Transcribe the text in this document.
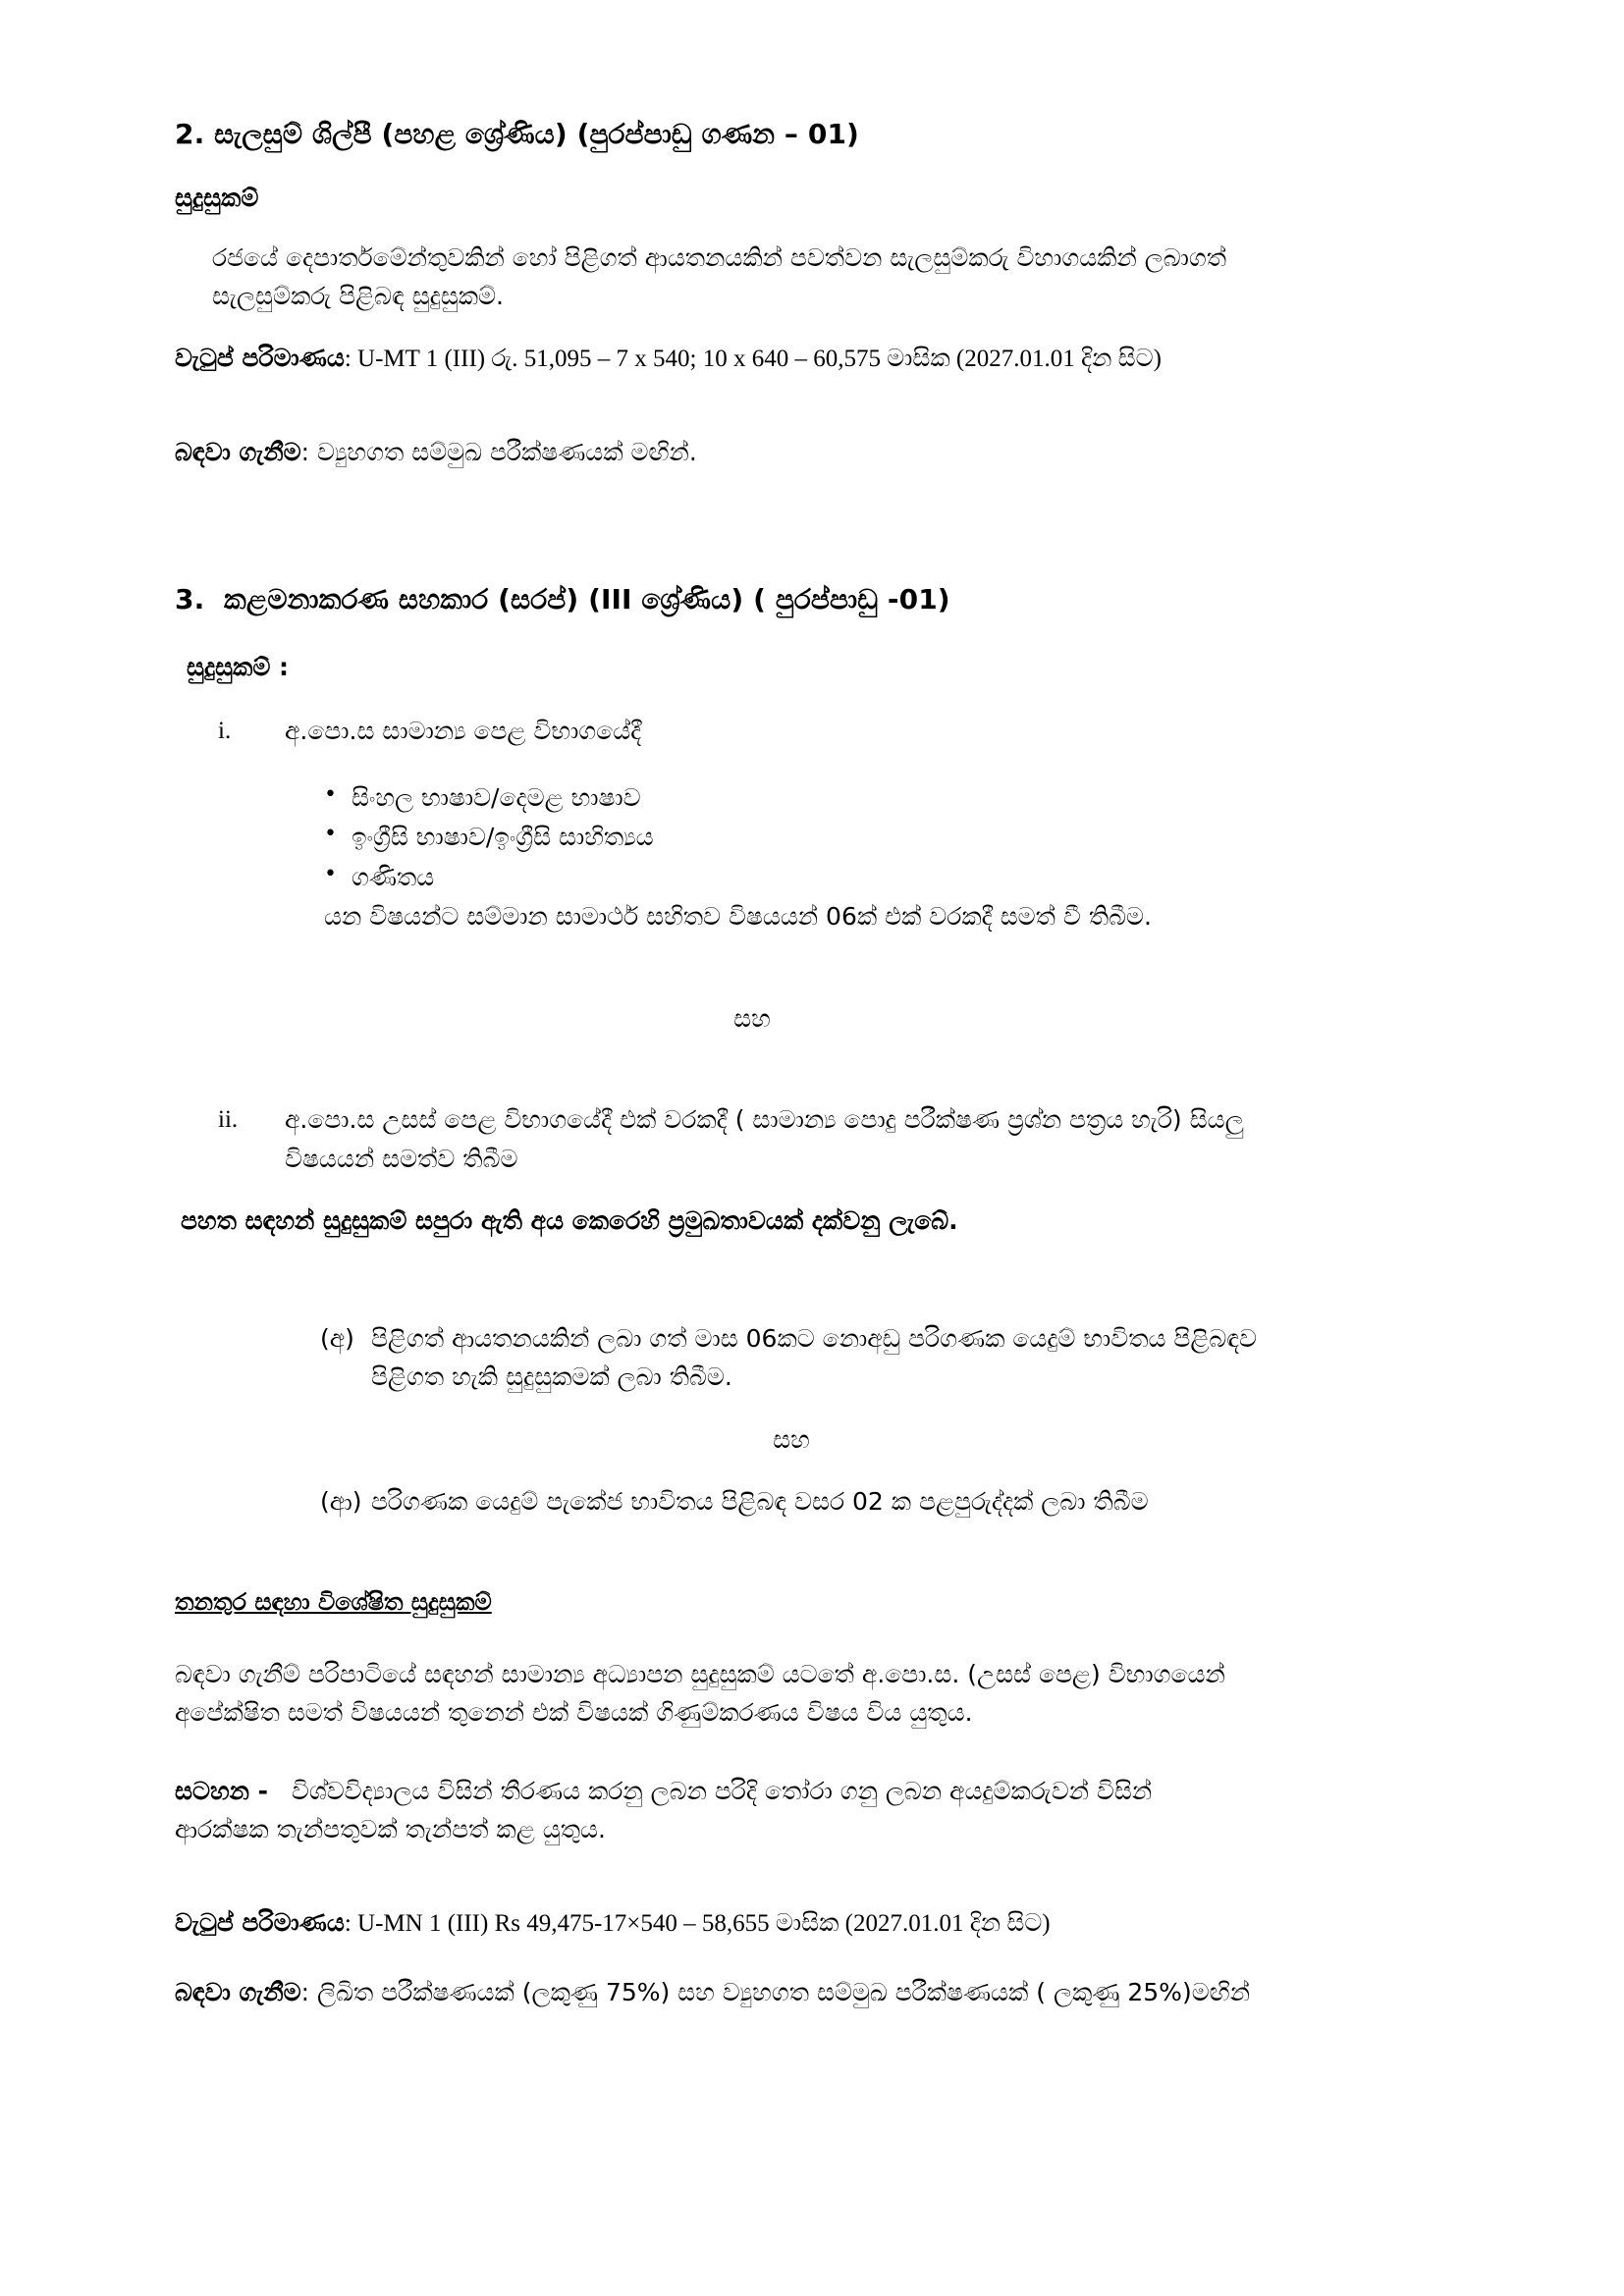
2. සැලසුම් ශිල්පී (පහළ ශ්‍රේණිය) (පුරප්පාඩු ගණන – 01)

සුදුසුකම්

රජයේ දෙපාර්තමේන්තුවකින් හෝ පිළිගත් ආයතනයකින් පවත්වන සැලසුම්කරු විහාගයකින් ලබාගත්

සැලසුම්කරු පිළිබඳ සුදුසුකම්.

වැටුප් පරිමාණය: U-MT 1 (III) රු. 51,095 – 7 x 540; 10 x 640 – 60,575 මාසික (2027.01.01 දින සිට)

බඳවා ගැනීම: ව්‍යුහගත සම්මුඛ පරීක්ෂණයක් මඟින්.

3. කළමනාකරණ සහකාර (සරප්) (III ශ්‍රේණිය) ( පුරප්පාඩු -01)

සුදුසුකම් :

i. අ.පො.ස සාමාන්‍ය පෙළ විභාගයේදී
• සිංහල භාෂාව/දෙමළ භාෂාව
• ඉංග්‍රීසි භාෂාව/ඉංග්‍රීසි සාහිත්‍යය
• ගණිතය

යන විෂයන්ට සම්මාන සාමාර්ථ සහිතව විෂයයන් 06ක් එක් වරකදී සමත් වී තිබීම.

සහ

ii. අ.පො.ස උසස් පෙළ විභාගයේදී එක් වරකදී ( සාමාන්‍ය පොදු පරීක්ෂණ ප්‍රශ්න පත්‍රය හැරි) සියලු
විෂයයන් සමත්ව තිබීම

පහත සඳහන් සුදුසුකම් සපුරා ඇති අය කෙරෙහි ප්‍රමුඛතාවයක් දක්වනු ලැබේ.

(අ) පිළිගත් ආයතනයකින් ලබා ගත් මාස 06කට නොඅඩු පරිගණක යෙදුම් භාවිතය පිළිබඳව
පිළිගත හැකි සුදුසුකමක් ලබා තිබීම.

සහ

(ආ) පරිගණක යෙදුම් පැකේජ භාවිතය පිළිබඳ වසර 02 ක පළපුරුද්දක් ලබා තිබීම

තනතුර සඳහා විශේෂිත සුදුසුකම්

බඳවා ගැනීම් පරිපාටියේ සඳහන් සාමාන්‍ය අධ්‍යාපන සුදුසුකම් යටතේ අ.පො.ස. (උසස් පෙළ) විභාගයෙන්

අපේක්ෂිත සමත් විෂයයන් තුනෙන් එක් විෂයක් ගිණුම්කරණය විෂය විය යුතුය.

සටහන - විශ්වවිද්‍යාලය විසින් තීරණය කරනු ලබන පරිදි තෝරා ගනු ලබන අයදුම්කරුවන් විසින්

ආරක්ෂක තැන්පතුවක් තැන්පත් කළ යුතුය.

වැටුප් පරිමාණය: U-MN 1 (III) Rs 49,475-17×540 – 58,655 මාසික (2027.01.01 දින සිට)

බඳවා ගැනීම: ලිඛිත පරීක්ෂණයක් (ලකුණු 75%) සහ ව්‍යුහගත සම්මුඛ පරීක්ෂණයක් ( ලකුණු 25%)මඟින්
